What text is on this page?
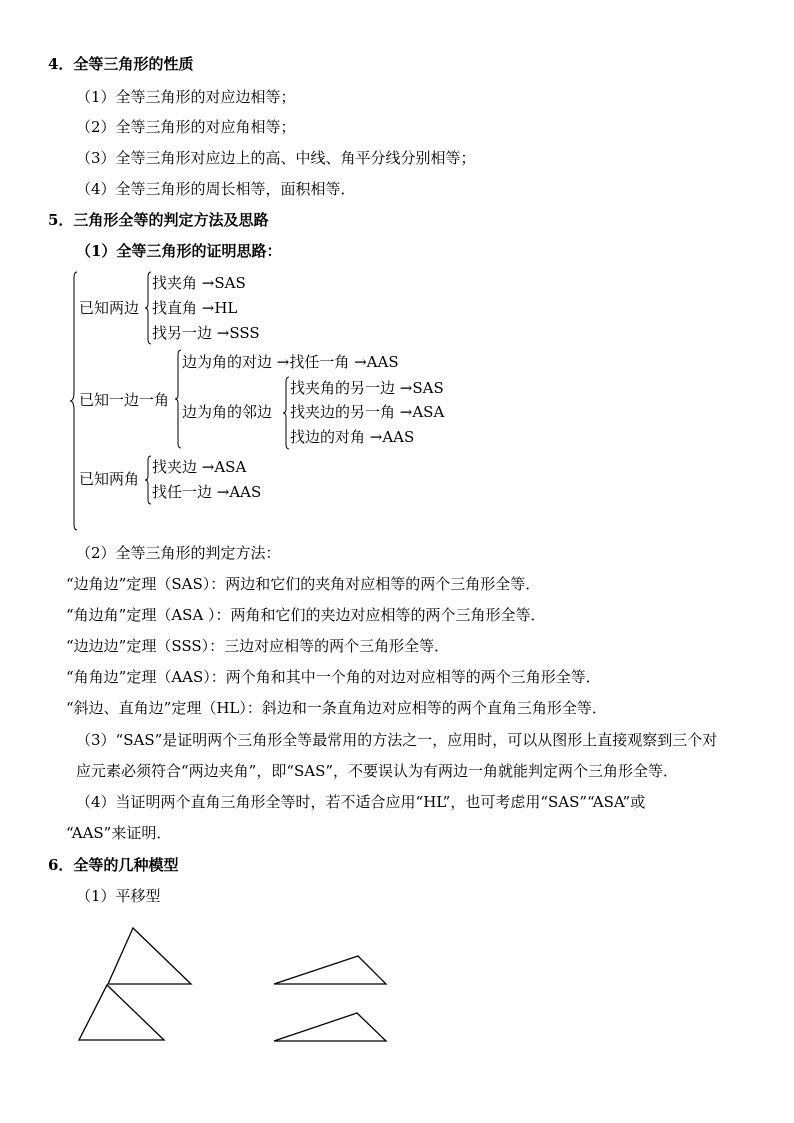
4．全等三角形的性质
（1）全等三角形的对应边相等；
（2）全等三角形的对应角相等；
（3）全等三角形对应边上的高、中线、角平分线分别相等；
（4）全等三角形的周长相等，面积相等．
5．三角形全等的判定方法及思路
（1）全等三角形的证明思路：
已知两边
找夹角 →SAS
找直角 →HL
找另一边 →SSS
已知一边一角
边为角的对边 →找任一角 →AAS
边为角的邻边
找夹角的另一边 →SAS
找夹边的另一角 →ASA
找边的对角 →AAS
已知两角
找夹边 →ASA
找任一边 →AAS
（2）全等三角形的判定方法：
“边角边”定理（SAS）：两边和它们的夹角对应相等的两个三角形全等．
“角边角”定理（ASA ）：两角和它们的夹边对应相等的两个三角形全等．
“边边边”定理（SSS）：三边对应相等的两个三角形全等．
“角角边”定理（AAS）：两个角和其中一个角的对边对应相等的两个三角形全等．
“斜边、直角边”定理（HL）：斜边和一条直角边对应相等的两个直角三角形全等．
（3）“SAS”是证明两个三角形全等最常用的方法之一，应用时，可以从图形上直接观察到三个对
应元素必须符合“两边夹角”，即“SAS”，不要误认为有两边一角就能判定两个三角形全等．
（4）当证明两个直角三角形全等时，若不适合应用“HL”，也可考虑用“SAS”“ASA”或
“AAS”来证明．
6．全等的几种模型
（1）平移型
